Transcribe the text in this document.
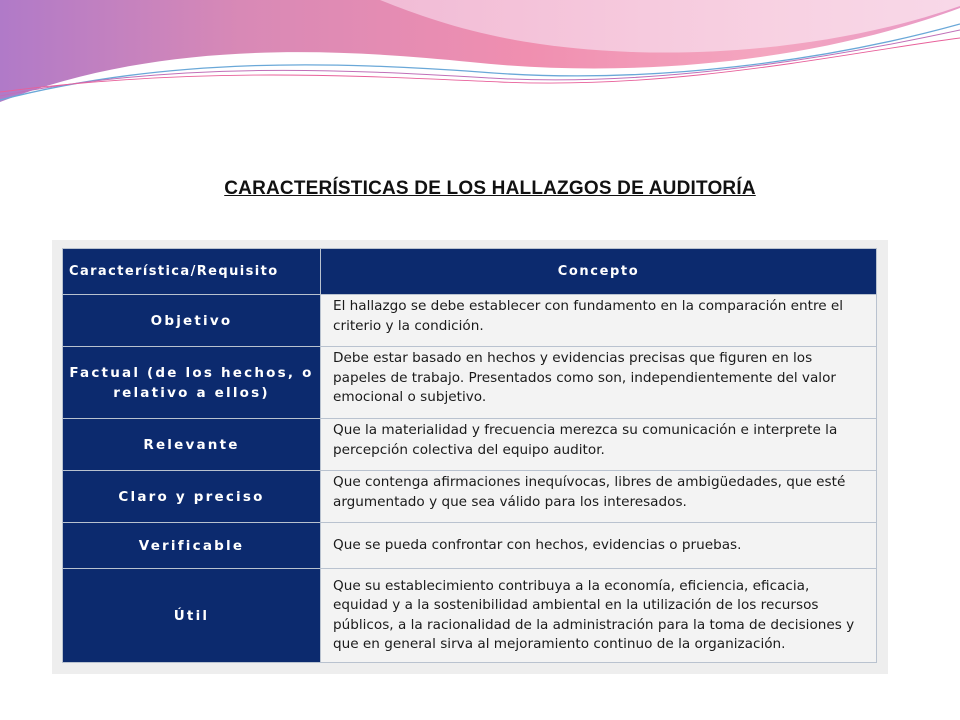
CARACTERÍSTICAS DE LOS HALLAZGOS DE AUDITORÍA
Característica/Requisito	Concepto
Objetivo	El hallazgo se debe establecer con fundamento en la comparación entre el criterio y la condición.
Factual (de los hechos, o relativo a ellos)	Debe estar basado en hechos y evidencias precisas que figuren en los papeles de trabajo. Presentados como son, independientemente del valor emocional o subjetivo.
Relevante	Que la materialidad y frecuencia merezca su comunicación e interprete la percepción colectiva del equipo auditor.
Claro y preciso	Que contenga afirmaciones inequívocas, libres de ambigüedades, que esté argumentado y que sea válido para los interesados.
Verificable	Que se pueda confrontar con hechos, evidencias o pruebas.
Útil	Que su establecimiento contribuya a la economía, eficiencia, eficacia, equidad y a la sostenibilidad ambiental en la utilización de los recursos públicos, a la racionalidad de la administración para la toma de decisiones y que en general sirva al mejoramiento continuo de la organización.
